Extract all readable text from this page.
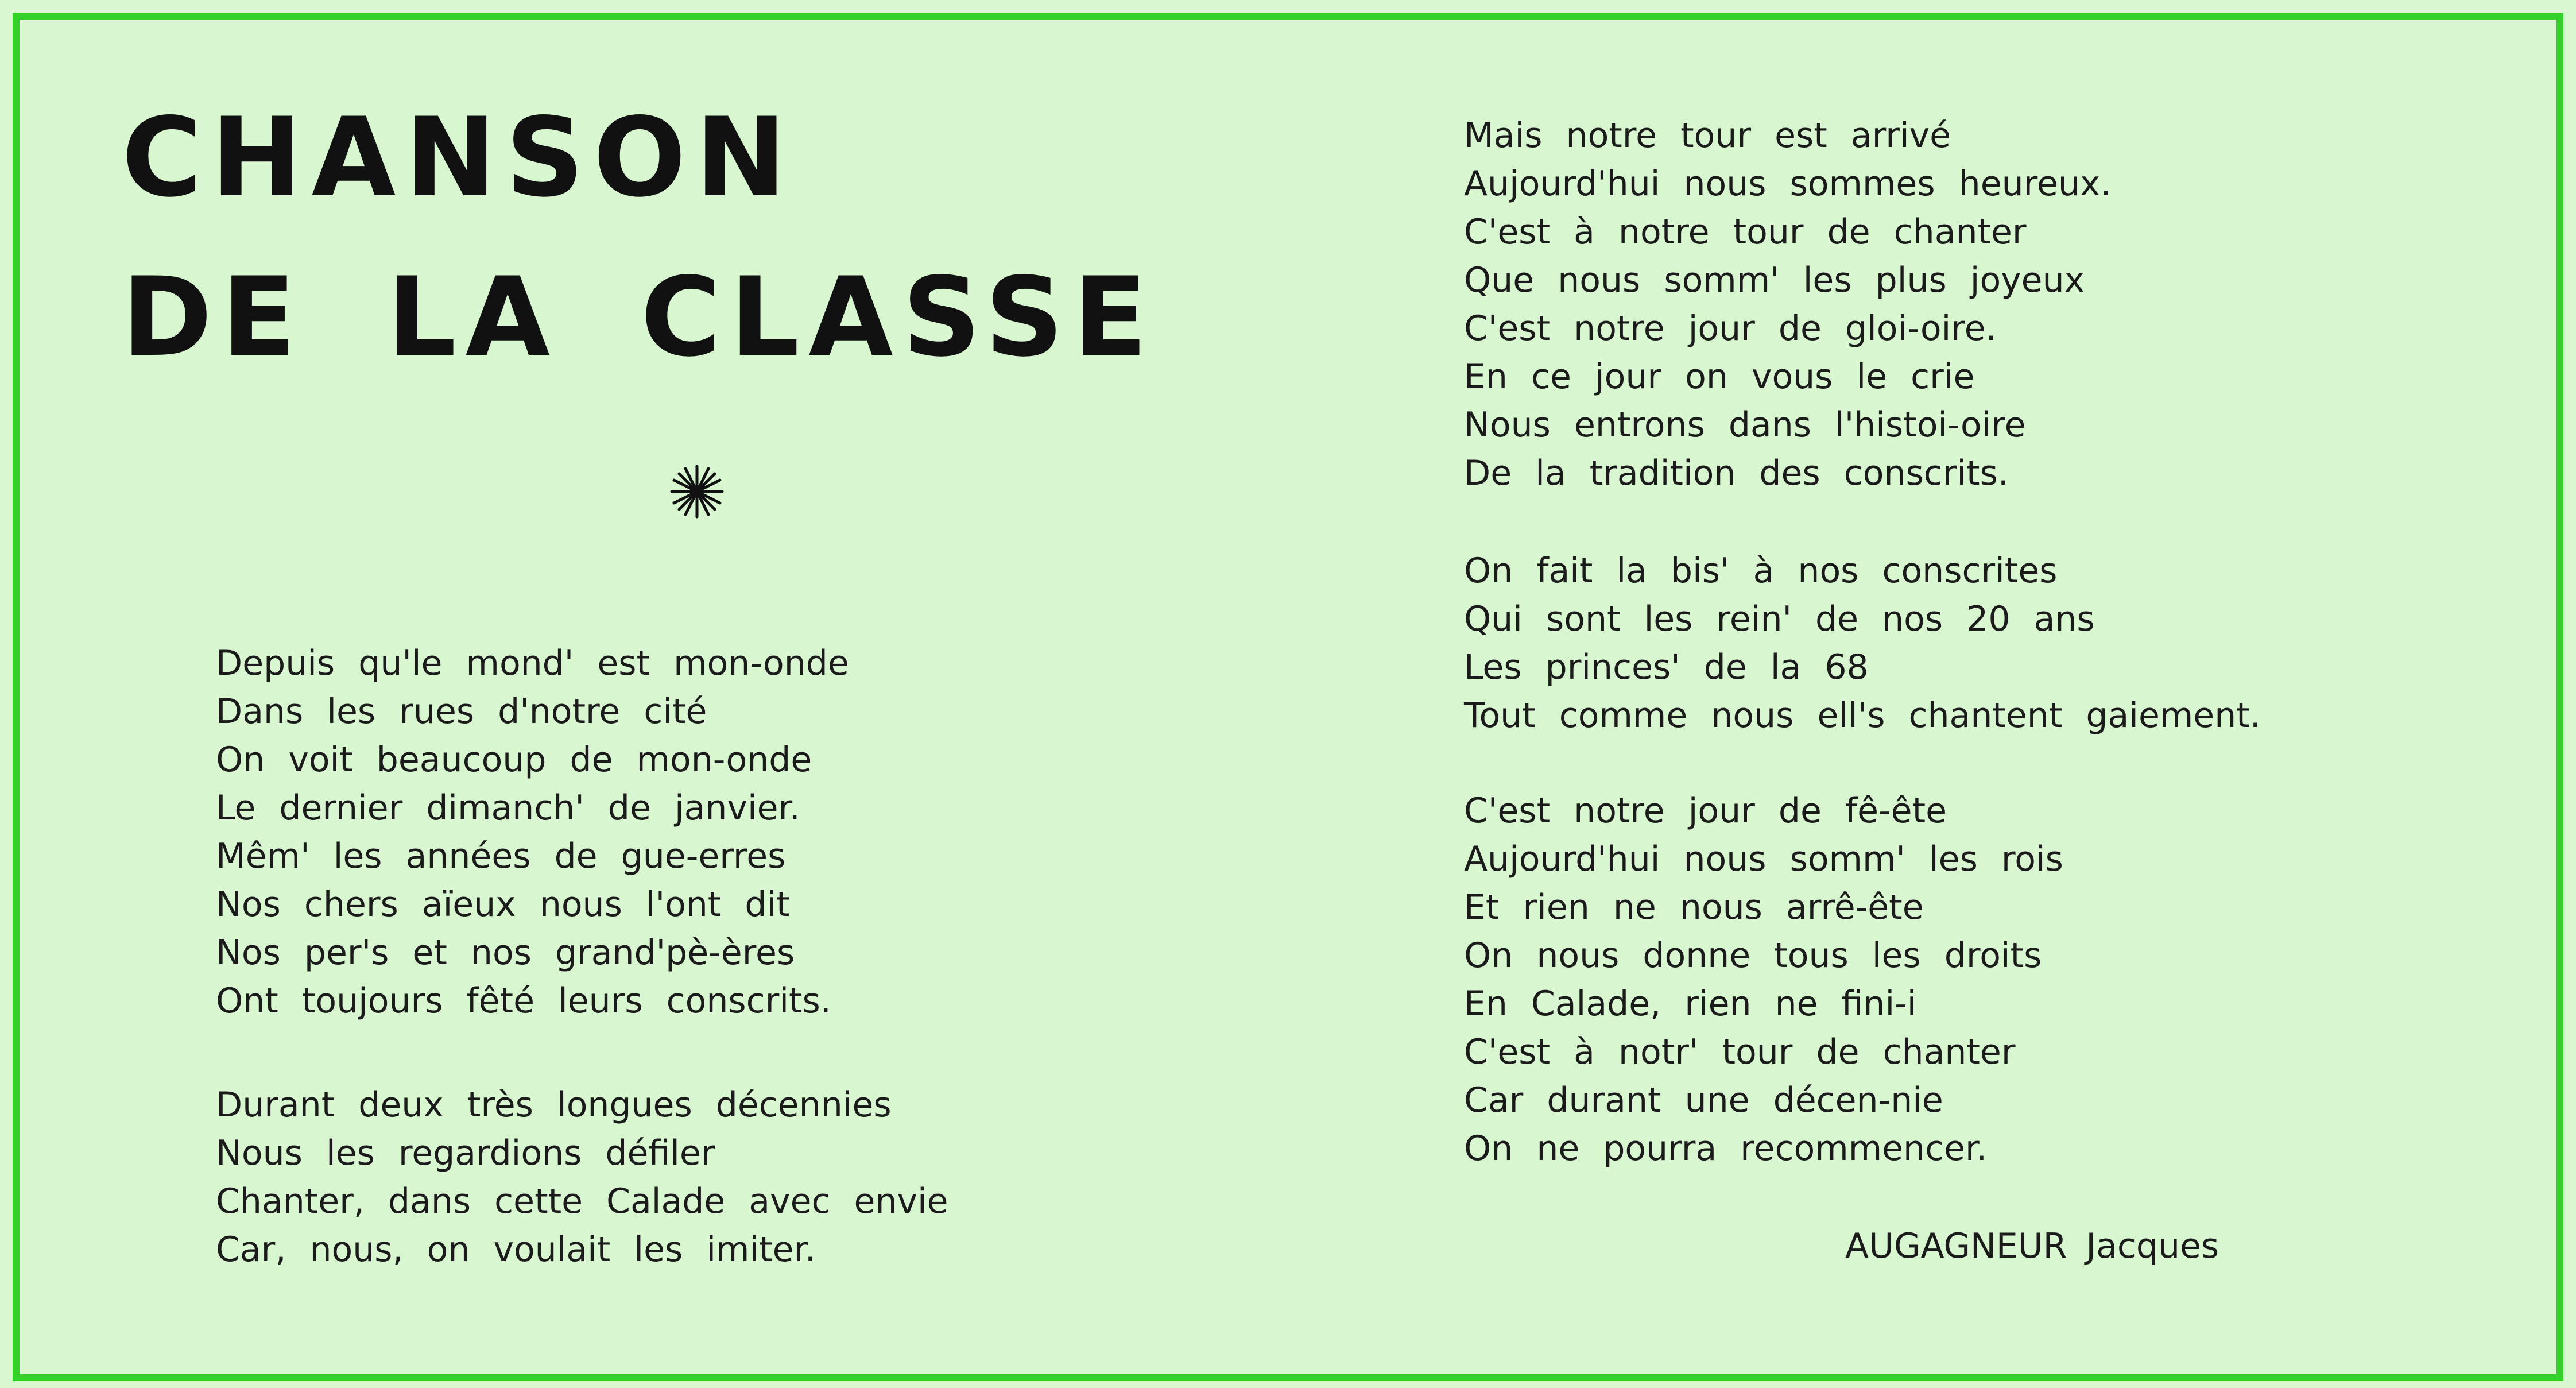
CHANSON
DE LA CLASSE
Depuis qu'le mond' est mon-onde
Dans les rues d'notre cité
On voit beaucoup de mon-onde
Le dernier dimanch' de janvier.
Mêm' les années de gue-erres
Nos chers aïeux nous l'ont dit
Nos per's et nos grand'pè-ères
Ont toujours fêté leurs conscrits.
Durant deux très longues décennies
Nous les regardions défiler
Chanter, dans cette Calade avec envie
Car, nous, on voulait les imiter.
Mais notre tour est arrivé
Aujourd'hui nous sommes heureux.
C'est à notre tour de chanter
Que nous somm' les plus joyeux
C'est notre jour de gloi-oire.
En ce jour on vous le crie
Nous entrons dans l'histoi-oire
De la tradition des conscrits.
On fait la bis' à nos conscrites
Qui sont les rein' de nos 20 ans
Les princes' de la 68
Tout comme nous ell's chantent gaiement.
C'est notre jour de fê-ête
Aujourd'hui nous somm' les rois
Et rien ne nous arrê-ête
On nous donne tous les droits
En Calade, rien ne fini-i
C'est à notr' tour de chanter
Car durant une décen-nie
On ne pourra recommencer.
AUGAGNEUR Jacques
